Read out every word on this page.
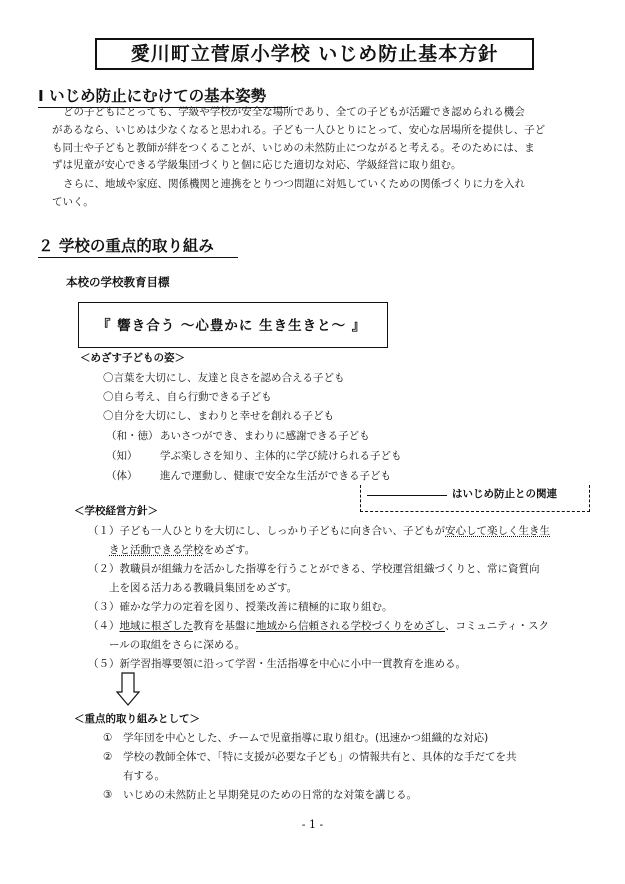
愛川町立菅原小学校 いじめ防止基本方針
Ⅰ いじめ防止にむけての基本姿勢
どの子どもにとっても、学級や学校が安全な場所であり、全ての子どもが活躍でき認められる機会
があるなら、いじめは少なくなると思われる。子ども一人ひとりにとって、安心な居場所を提供し、子ど
も同士や子どもと教師が絆をつくることが、いじめの未然防止につながると考える。そのためには、ま
ずは児童が安心できる学級集団づくりと個に応じた適切な対応、学級経営に取り組む。
さらに、地域や家庭、関係機関と連携をとりつつ問題に対処していくための関係づくりに力を入れ
ていく。
２ 学校の重点的取り組み
本校の学校教育目標
『 響き合う ～心豊かに 生き生きと～ 』
＜めざす子どもの姿＞
〇言葉を大切にし、友達と良さを認め合える子ども
〇自ら考え、自ら行動できる子ども
〇自分を大切にし、まわりと幸せを創れる子ども
（和・徳） あいさつができ、まわりに感謝できる子ども
（知） 学ぶ楽しさを知り、主体的に学び続けられる子ども
（体） 進んで運動し、健康で安全な生活ができる子ども
はいじめ防止との関連
＜学校経営方針＞
（１）子ども一人ひとりを大切にし、しっかり子どもに向き合い、子どもが安心して楽しく生き生
きと活動できる学校をめざす。
（２）教職員が組織力を活かした指導を行うことができる、学校運営組織づくりと、常に資質向
上を図る活力ある教職員集団をめざす。
（３）確かな学力の定着を図り、授業改善に積極的に取り組む。
（４）地域に根ざした教育を基盤に地域から信頼される学校づくりをめざし、コミュニティ・スク
ールの取組をさらに深める。
（５）新学習指導要領に沿って学習・生活指導を中心に小中一貫教育を進める。
＜重点的取り組みとして＞
① 学年団を中心とした、チームで児童指導に取り組む。(迅速かつ組織的な対応)
② 学校の教師全体で、「特に支援が必要な子ども」の情報共有と、具体的な手だてを共
有する。
③ いじめの未然防止と早期発見のための日常的な対策を講じる。
- 1 -
